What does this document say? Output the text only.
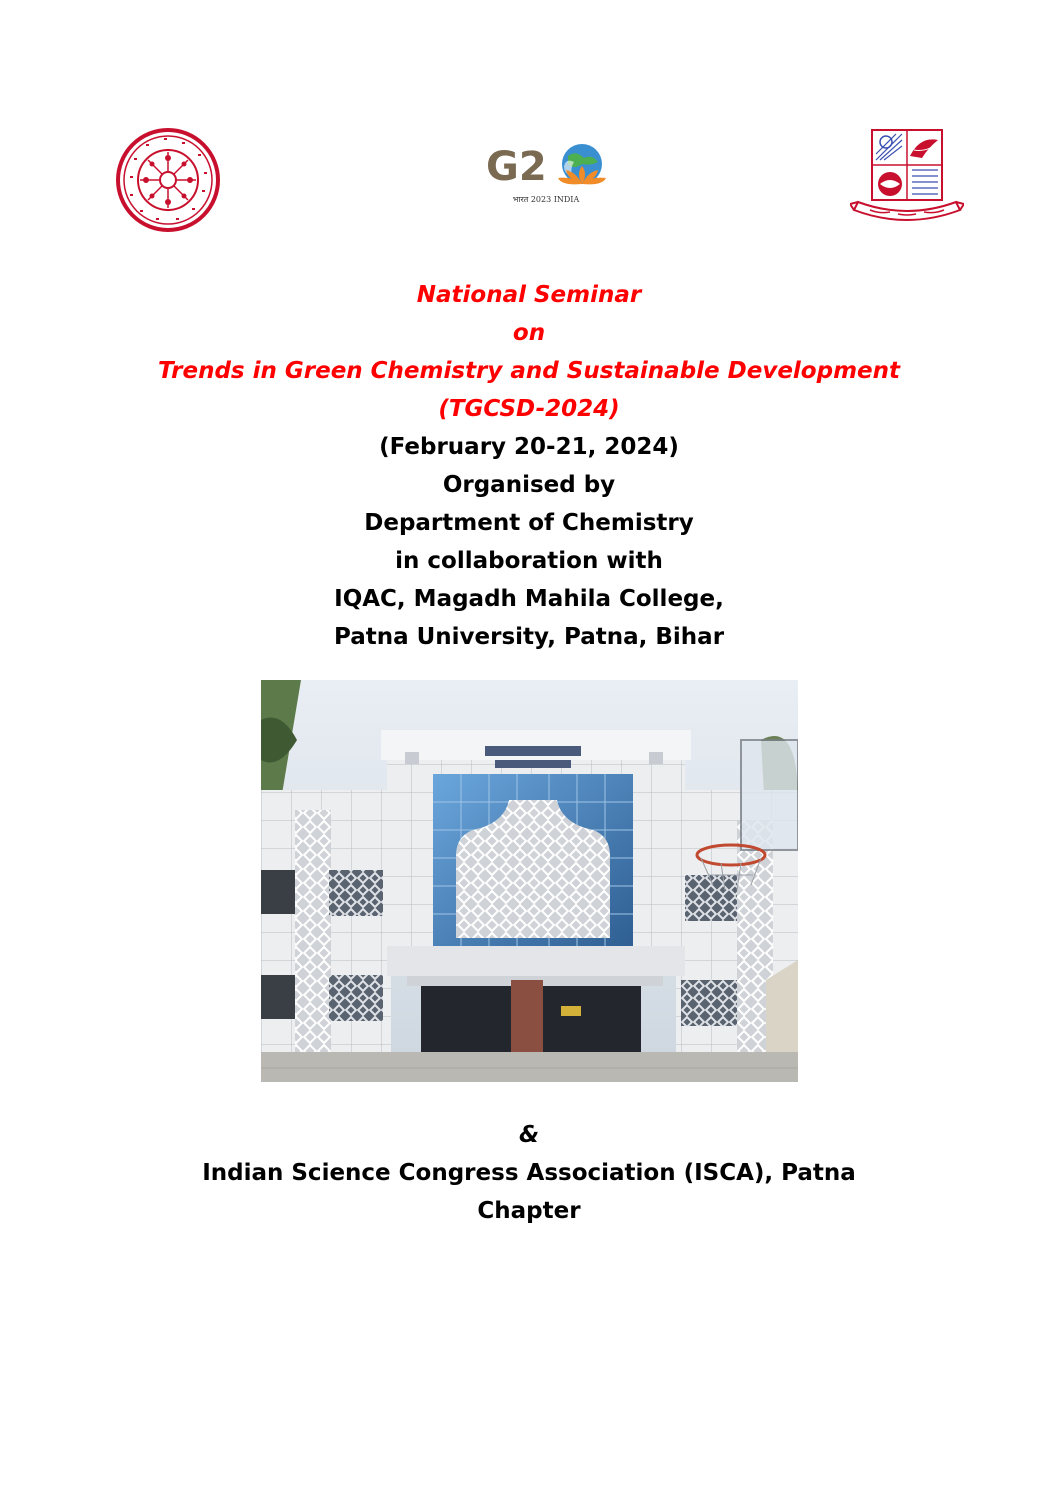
G2
भारत 2023 INDIA
National Seminar
on
Trends in Green Chemistry and Sustainable Development
(TGCSD-2024)
(February 20-21, 2024)
Organised by
Department of Chemistry
in collaboration with
IQAC, Magadh Mahila College,
Patna University, Patna, Bihar
&
Indian Science Congress Association (ISCA), Patna
Chapter
